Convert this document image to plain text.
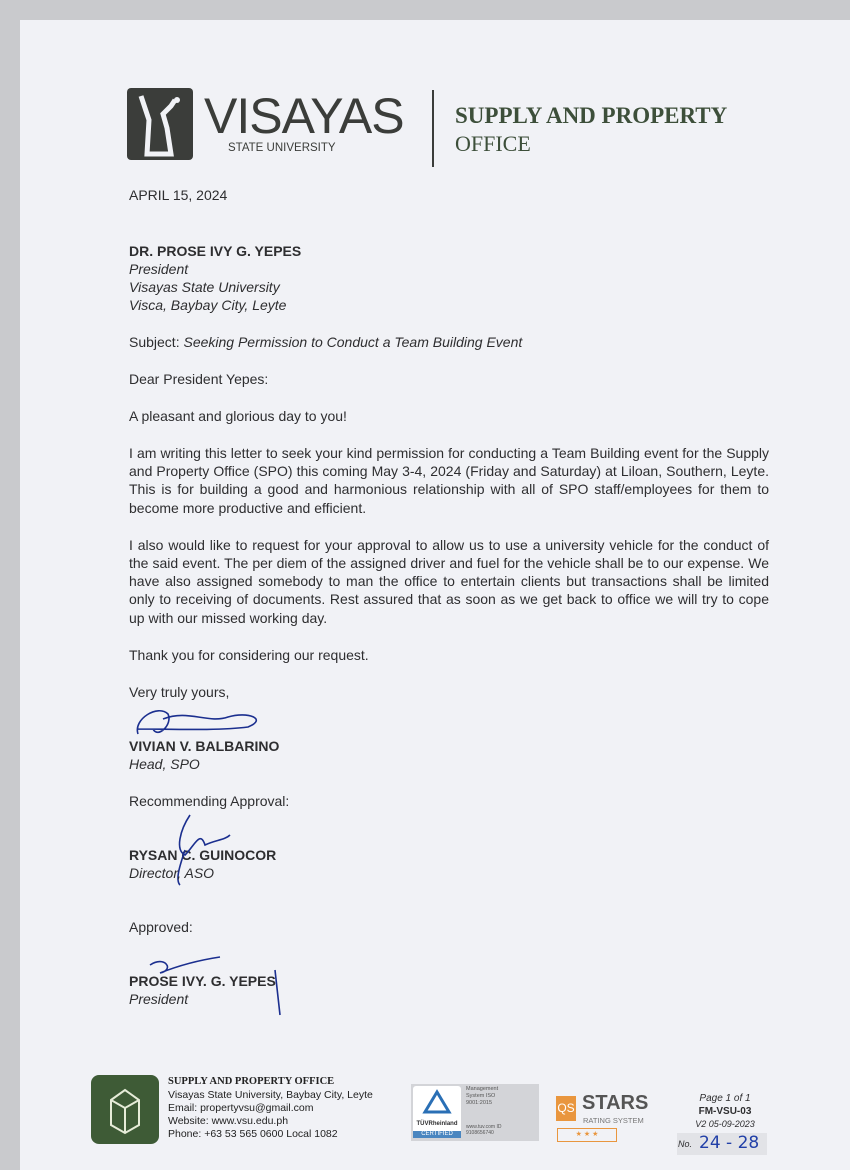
VISAYAS
STATE UNIVERSITY
SUPPLY AND PROPERTY
OFFICE
APRIL 15, 2024
DR. PROSE IVY G. YEPES
President
Visayas State University
Visca, Baybay City, Leyte
Subject: Seeking Permission to Conduct a Team Building Event
Dear President Yepes:
A pleasant and glorious day to you!
I am writing this letter to seek your kind permission for conducting a Team Building event for the Supply and Property Office (SPO) this coming May 3-4, 2024 (Friday and Saturday) at Liloan, Southern, Leyte. This is for building a good and harmonious relationship with all of SPO staff/employees for them to become more productive and efficient.
I also would like to request for your approval to allow us to use a university vehicle for the conduct of the said event. The per diem of the assigned driver and fuel for the vehicle shall be to our expense. We have also assigned somebody to man the office to entertain clients but transactions shall be limited only to receiving of documents. Rest assured that as soon as we get back to office we will try to cope up with our missed working day.
Thank you for considering our request.
Very truly yours,
VIVIAN V. BALBARINO
Head, SPO
Recommending Approval:
RYSAN C. GUINOCOR
Director, ASO
Approved:
PROSE IVY. G. YEPES
President
SUPPLY AND PROPERTY OFFICE
Visayas State University, Baybay City, Leyte
Email: propertyvsu@gmail.com
Website: www.vsu.edu.ph
Phone: +63 53 565 0600 Local 1082
TÜVRheinland
CERTIFIED
Management System ISO 9001:2015
www.tuv.com ID 9108656740
QS STARS
RATING SYSTEM
★ ★ ★
Page 1 of 1
FM-VSU-03
V2 05-09-2023
No. 24 - 28
